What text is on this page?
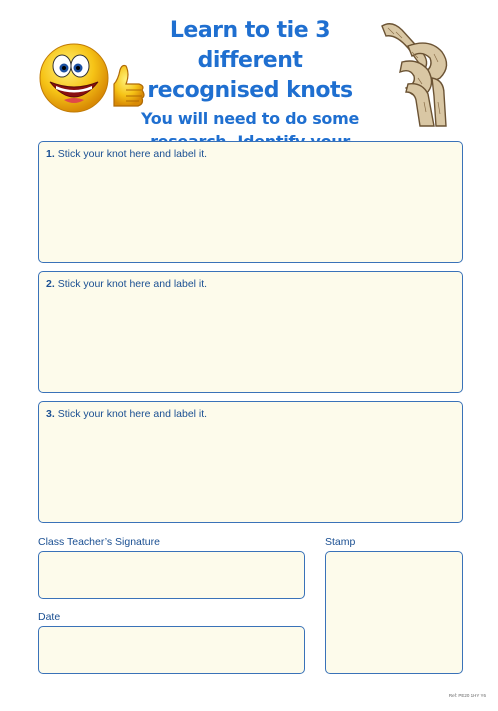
Learn to tie 3 different
recognised knots
You will need to do some
1. Stick your knot here and label it.
2. Stick your knot here and label it.
3. Stick your knot here and label it.
Class Teacher’s Signature
Date
Stamp
Ref: PE20 1HY Y6
